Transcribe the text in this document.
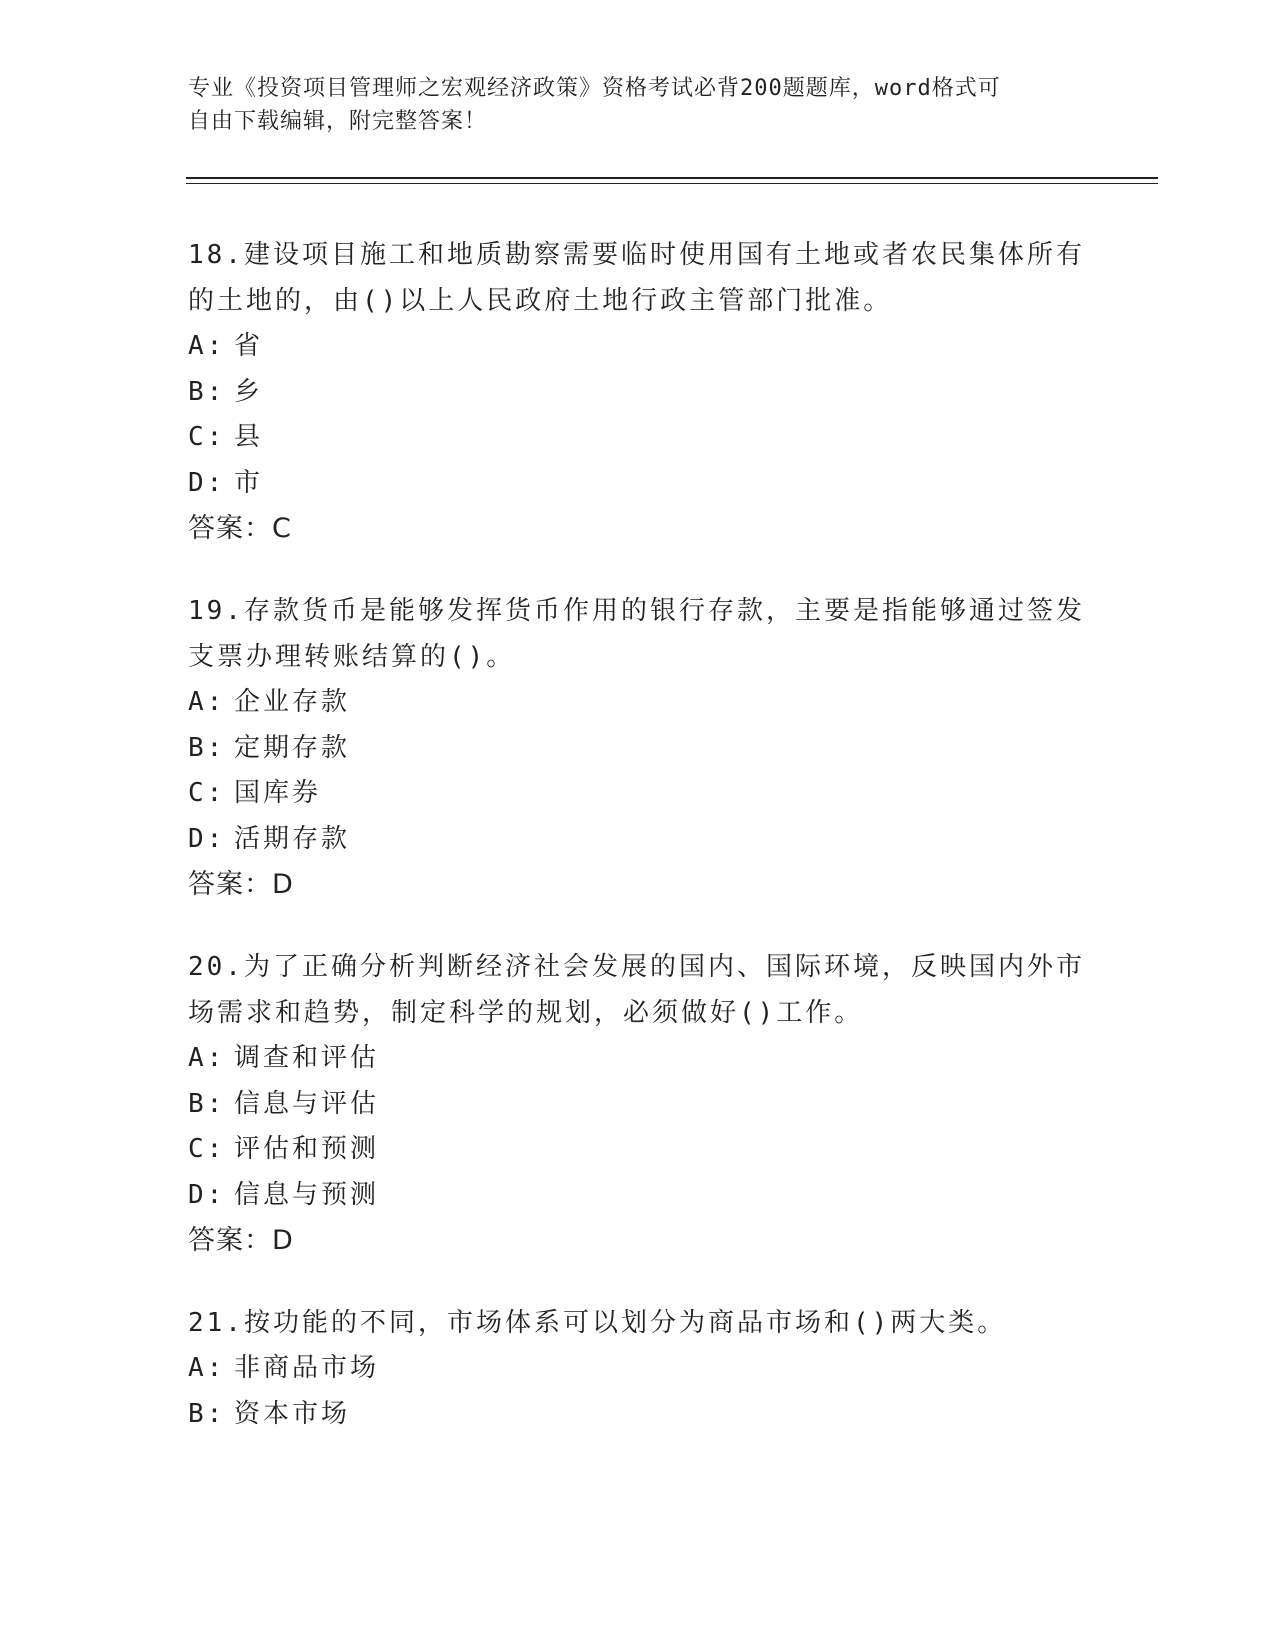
专业《投资项目管理师之宏观经济政策》资格考试必背200题题库，word格式可
自由下载编辑，附完整答案！
18.建设项目施工和地质勘察需要临时使用国有土地或者农民集体所有
的土地的，由()以上人民政府土地行政主管部门批准。
A: 省
B: 乡
C: 县
D: 市
答案：C
19.存款货币是能够发挥货币作用的银行存款，主要是指能够通过签发
支票办理转账结算的()。
A: 企业存款
B: 定期存款
C: 国库券
D: 活期存款
答案：D
20.为了正确分析判断经济社会发展的国内、国际环境，反映国内外市
场需求和趋势，制定科学的规划，必须做好()工作。
A: 调查和评估
B: 信息与评估
C: 评估和预测
D: 信息与预测
答案：D
21.按功能的不同，市场体系可以划分为商品市场和()两大类。
A: 非商品市场
B: 资本市场
